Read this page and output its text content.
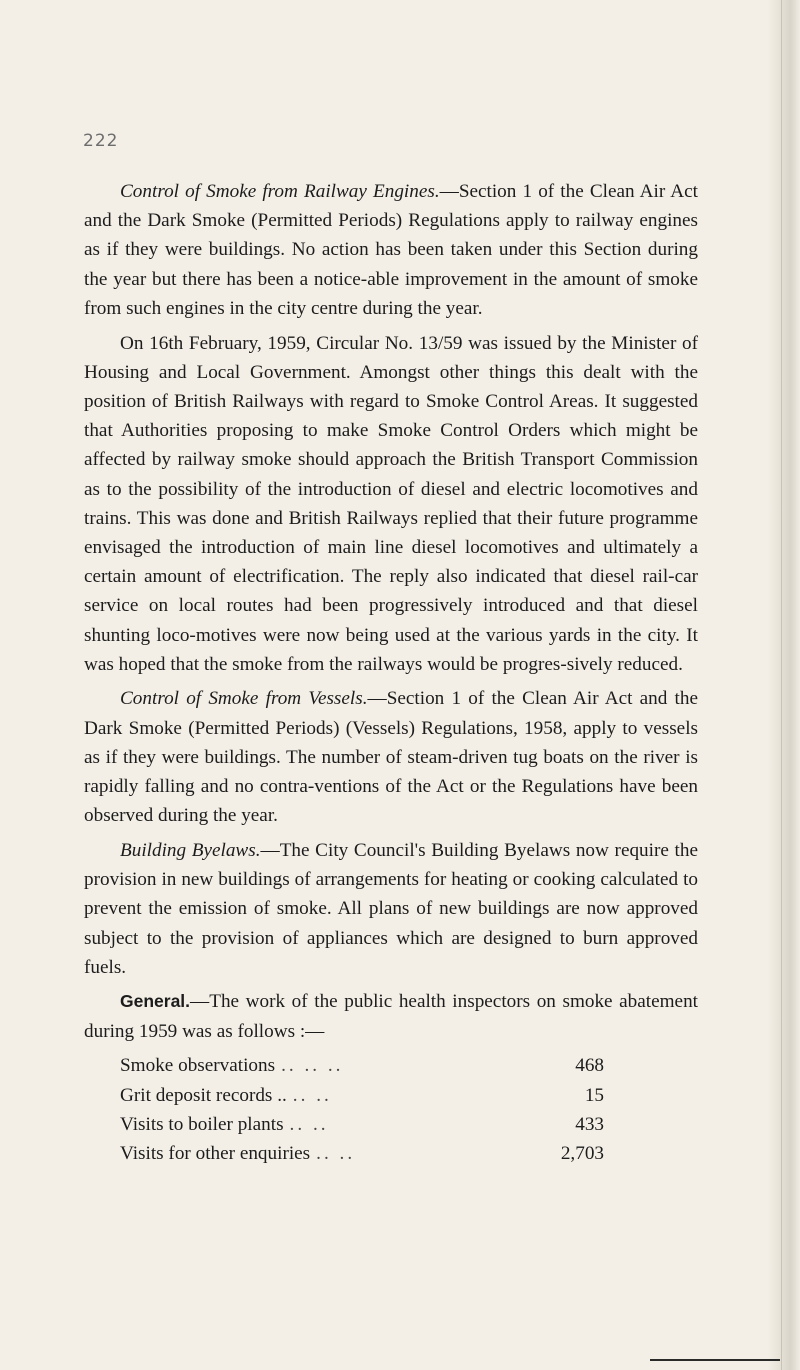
222

Control of Smoke from Railway Engines.—Section 1 of the Clean Air Act and the Dark Smoke (Permitted Periods) Regulations apply to railway engines as if they were buildings. No action has been taken under this Section during the year but there has been a notice-able improvement in the amount of smoke from such engines in the city centre during the year.

On 16th February, 1959, Circular No. 13/59 was issued by the Minister of Housing and Local Government. Amongst other things this dealt with the position of British Railways with regard to Smoke Control Areas. It suggested that Authorities proposing to make Smoke Control Orders which might be affected by railway smoke should approach the British Transport Commission as to the possibility of the introduction of diesel and electric locomotives and trains. This was done and British Railways replied that their future programme envisaged the introduction of main line diesel locomotives and ultimately a certain amount of electrification. The reply also indicated that diesel rail-car service on local routes had been progressively introduced and that diesel shunting loco-motives were now being used at the various yards in the city. It was hoped that the smoke from the railways would be progres-sively reduced.

Control of Smoke from Vessels.—Section 1 of the Clean Air Act and the Dark Smoke (Permitted Periods) (Vessels) Regulations, 1958, apply to vessels as if they were buildings. The number of steam-driven tug boats on the river is rapidly falling and no contra-ventions of the Act or the Regulations have been observed during the year.

Building Byelaws.—The City Council's Building Byelaws now require the provision in new buildings of arrangements for heating or cooking calculated to prevent the emission of smoke. All plans of new buildings are now approved subject to the provision of appliances which are designed to burn approved fuels.

General.—The work of the public health inspectors on smoke abatement during 1959 was as follows :—

Smoke observations .. .. ..	468
Grit deposit records .. .. ..	15
Visits to boiler plants .. ..	433
Visits for other enquiries .. ..	2,703
